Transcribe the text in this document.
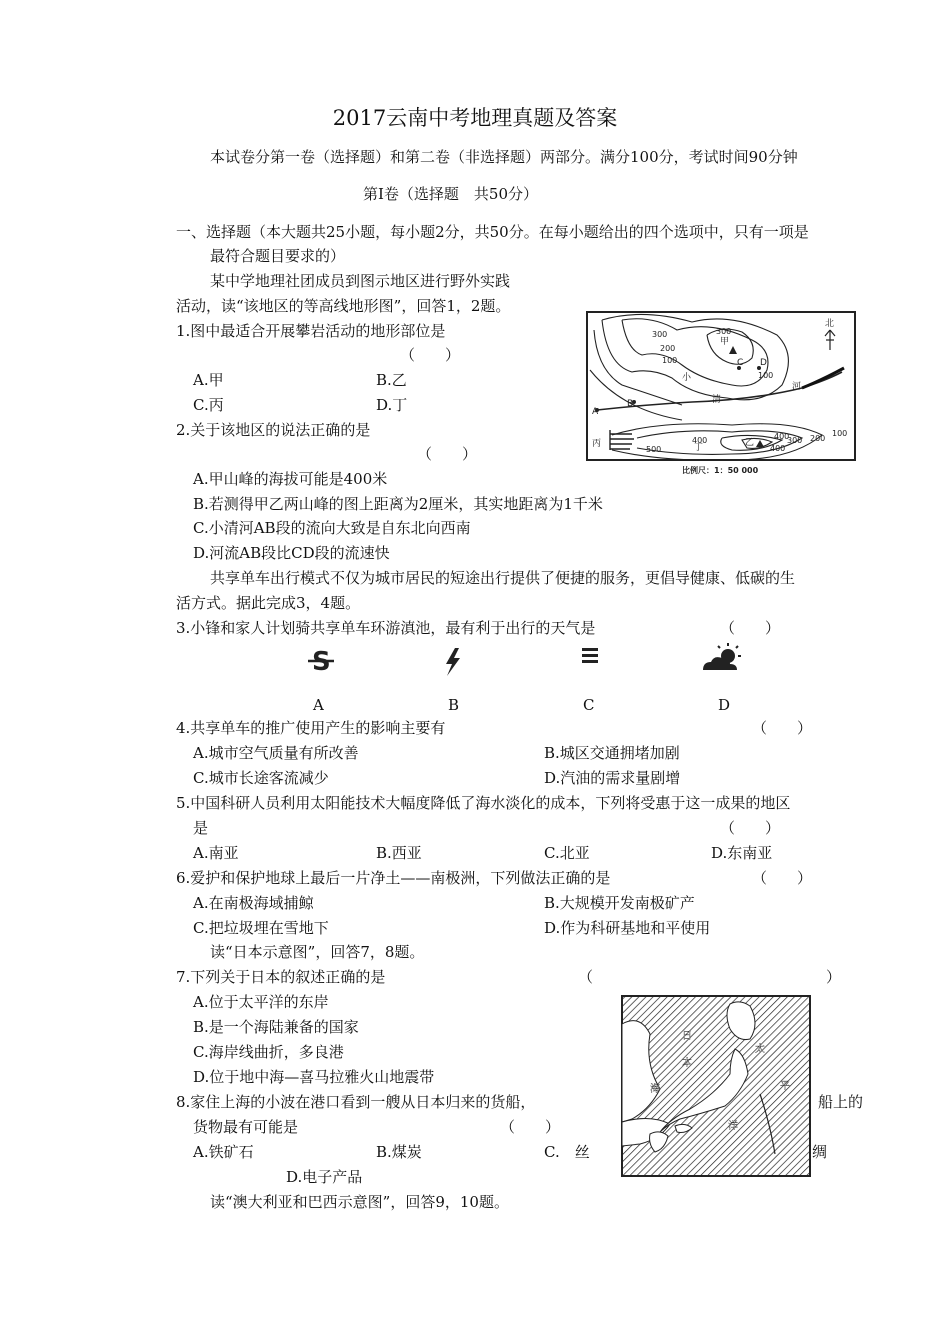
2017云南中考地理真题及答案
本试卷分第一卷（选择题）和第二卷（非选择题）两部分。满分100分，考试时间90分钟
第Ⅰ卷（选择题　共50分）
一、选择题（本大题共25小题，每小题2分，共50分。在每小题给出的四个选项中，只有一项是
最符合题目要求的）
某中学地理社团成员到图示地区进行野外实践
活动，读“该地区的等高线地形图”，回答1，2题。
1.图中最适合开展攀岩活动的地形部位是
（　　）
A.甲	B.乙
C.丙	D.丁
2.关于该地区的说法正确的是
（　　）
A.甲山峰的海拔可能是400米
B.若测得甲乙两山峰的图上距离为2厘米，其实地距离为1千米
C.小清河AB段的流向大致是自东北向西南
D.河流AB段比CD段的流速快
共享单车出行模式不仅为城市居民的短途出行提供了便捷的服务，更倡导健康、低碳的生
活方式。据此完成3，4题。
3.小锋和家人计划骑共享单车环游滇池，最有利于出行的天气是	（　　）
S
A	B	C	D
4.共享单车的推广使用产生的影响主要有	（　　）
A.城市空气质量有所改善	B.城区交通拥堵加剧
C.城市长途客流减少	D.汽油的需求量剧增
5.中国科研人员利用太阳能技术大幅度降低了海水淡化的成本，下列将受惠于这一成果的地区
是	（　　）
A.南亚	B.西亚	C.北亚	D.东南亚
6.爱护和保护地球上最后一片净土——南极洲，下列做法正确的是	（　　）
A.在南极海域捕鲸	B.大规模开发南极矿产
C.把垃圾埋在雪地下	D.作为科研基地和平使用
读“日本示意图”，回答7，8题。
7.下列关于日本的叙述正确的是	（	）
A.位于太平洋的东岸
B.是一个海陆兼备的国家
C.海岸线曲折，多良港
D.位于地中海—喜马拉雅火山地震带
8.家住上海的小波在港口看到一艘从日本归来的货船，	船上的
货物最有可能是	（　　）
A.铁矿石	B.煤炭	C.　丝	绸
D.电子产品
读“澳大利亚和巴西示意图”，回答9，10题。
300	300
200
100
100
400
500	400
300 200
100
400
甲
乙
丙	丁
小
清
河
A
B
C D
北
比例尺：1：50 000
日
本
海
太
平
洋
